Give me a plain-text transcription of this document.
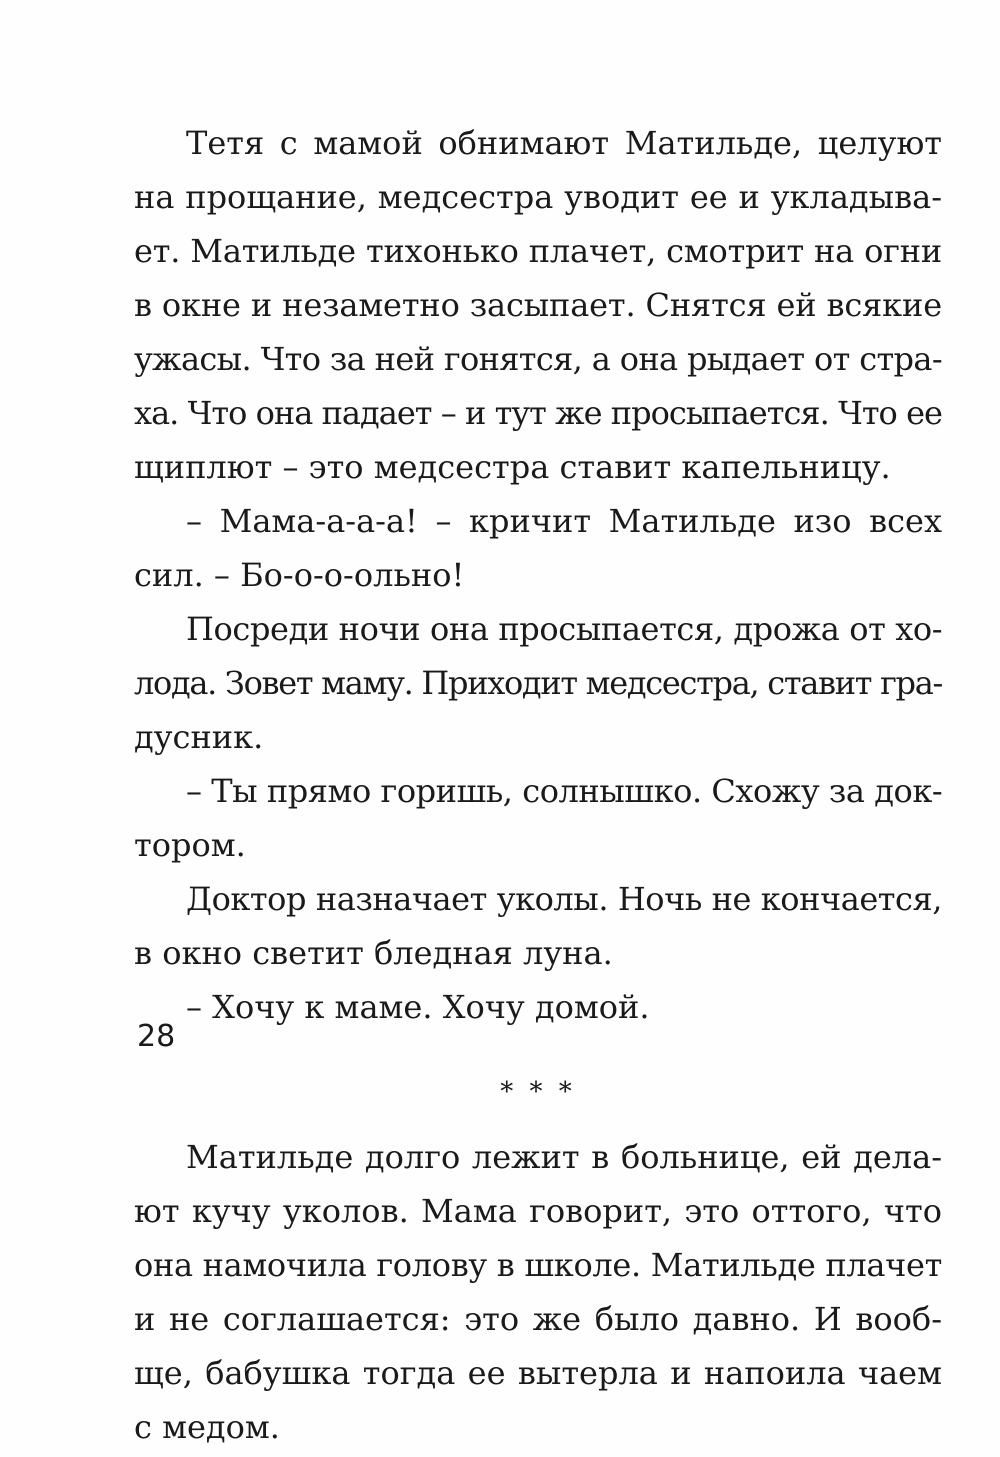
Тетя с мамой обнимают Матильде, целуют
на прощание, медсестра уводит ее и укладыва-
ет. Матильде тихонько плачет, смотрит на огни
в окне и незаметно засыпает. Снятся ей всякие
ужасы. Что за ней гонятся, а она рыдает от стра-
ха. Что она падает – и тут же просыпается. Что ее
щиплют – это медсестра ставит капельницу.
– Мама-а-а-а! – кричит Матильде изо всех
сил. – Бо-о-о-ольно!
Посреди ночи она просыпается, дрожа от хо-
лода. Зовет маму. Приходит медсестра, ставит гра-
дусник.
– Ты прямо горишь, солнышко. Схожу за док-
тором.
Доктор назначает уколы. Ночь не кончается,
в окно светит бледная луна.
– Хочу к маме. Хочу домой.
* * *
Матильде долго лежит в больнице, ей дела-
ют кучу уколов. Мама говорит, это оттого, что
она намочила голову в школе. Матильде плачет
и не соглашается: это же было давно. И вооб-
ще, бабушка тогда ее вытерла и напоила чаем
с медом.
28
